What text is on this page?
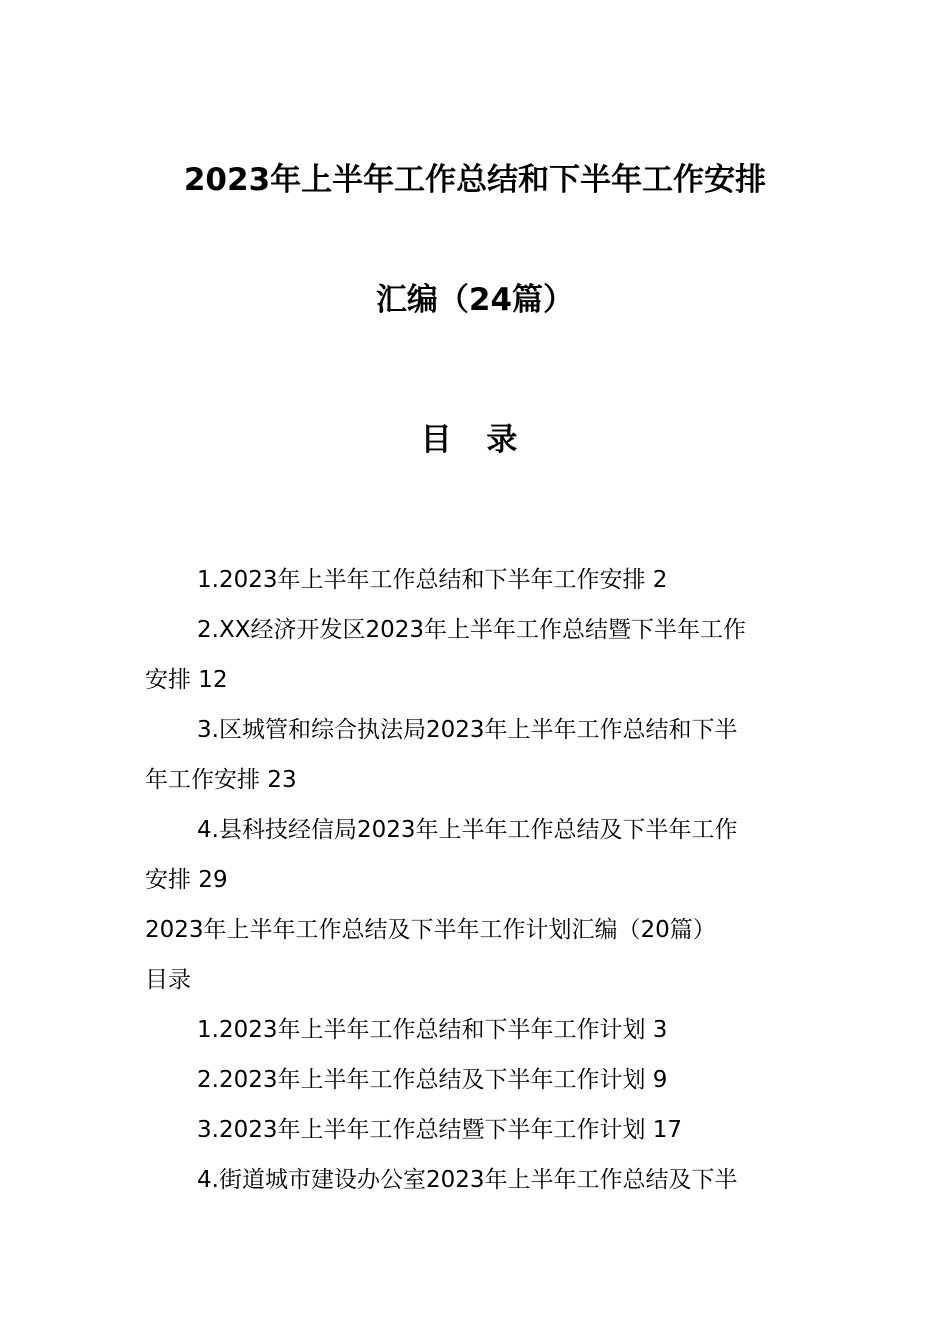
2023年上半年工作总结和下半年工作安排
汇编（24篇）
目 录
1.2023年上半年工作总结和下半年工作安排 2
2.XX经济开发区2023年上半年工作总结暨下半年工作
安排 12
3.区城管和综合执法局2023年上半年工作总结和下半
年工作安排 23
4.县科技经信局2023年上半年工作总结及下半年工作
安排 29
2023年上半年工作总结及下半年工作计划汇编（20篇）
目录
1.2023年上半年工作总结和下半年工作计划 3
2.2023年上半年工作总结及下半年工作计划 9
3.2023年上半年工作总结暨下半年工作计划 17
4.街道城市建设办公室2023年上半年工作总结及下半
